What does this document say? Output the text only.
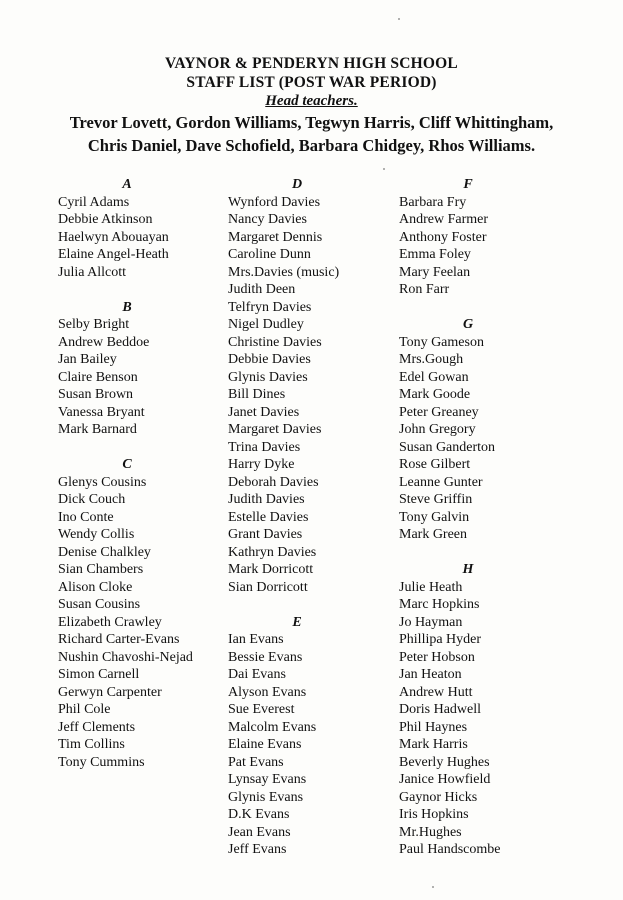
VAYNOR & PENDERYN HIGH SCHOOL
STAFF LIST (POST WAR PERIOD)
Head teachers.
Trevor Lovett, Gordon Williams, Tegwyn Harris, Cliff Whittingham,
Chris Daniel, Dave Schofield, Barbara Chidgey, Rhos Williams.
A
Cyril Adams
Debbie Atkinson
Haelwyn Abouayan
Elaine Angel-Heath
Julia Allcott
B
Selby Bright
Andrew Beddoe
Jan Bailey
Claire Benson
Susan Brown
Vanessa Bryant
Mark Barnard
C
Glenys Cousins
Dick Couch
Ino Conte
Wendy Collis
Denise Chalkley
Sian Chambers
Alison Cloke
Susan Cousins
Elizabeth Crawley
Richard Carter-Evans
Nushin Chavoshi-Nejad
Simon Carnell
Gerwyn Carpenter
Phil Cole
Jeff Clements
Tim Collins
Tony Cummins
D
Wynford Davies
Nancy Davies
Margaret Dennis
Caroline Dunn
Mrs.Davies (music)
Judith Deen
Telfryn Davies
Nigel Dudley
Christine Davies
Debbie Davies
Glynis Davies
Bill Dines
Janet Davies
Margaret Davies
Trina Davies
Harry Dyke
Deborah Davies
Judith Davies
Estelle Davies
Grant Davies
Kathryn Davies
Mark Dorricott
Sian Dorricott
E
Ian Evans
Bessie Evans
Dai Evans
Alyson Evans
Sue Everest
Malcolm Evans
Elaine Evans
Pat Evans
Lynsay Evans
Glynis Evans
D.K Evans
Jean Evans
Jeff Evans
F
Barbara Fry
Andrew Farmer
Anthony Foster
Emma Foley
Mary Feelan
Ron Farr
G
Tony Gameson
Mrs.Gough
Edel Gowan
Mark Goode
Peter Greaney
John Gregory
Susan Ganderton
Rose Gilbert
Leanne Gunter
Steve Griffin
Tony Galvin
Mark Green
H
Julie Heath
Marc Hopkins
Jo Hayman
Phillipa Hyder
Peter Hobson
Jan Heaton
Andrew Hutt
Doris Hadwell
Phil Haynes
Mark Harris
Beverly Hughes
Janice Howfield
Gaynor Hicks
Iris Hopkins
Mr.Hughes
Paul Handscombe
